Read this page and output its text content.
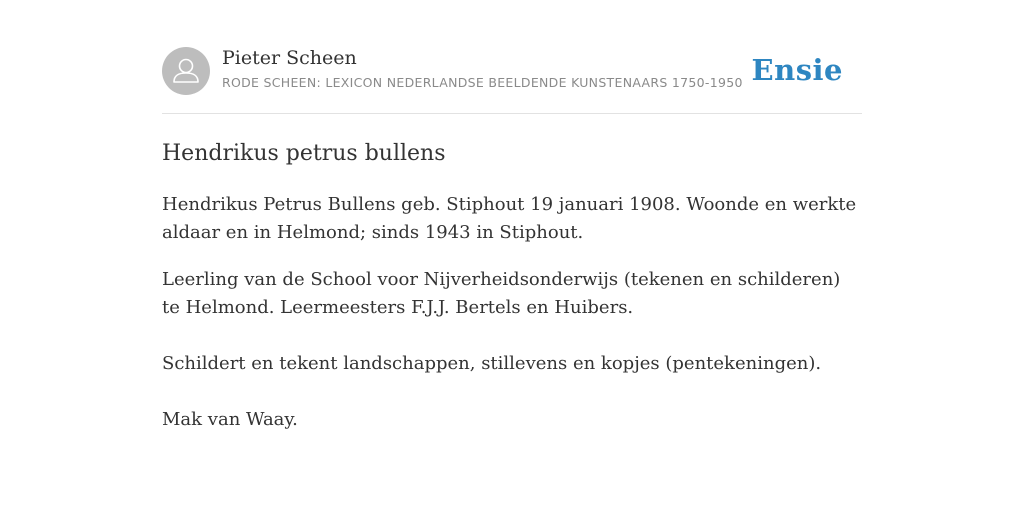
Pieter Scheen
RODE SCHEEN: LEXICON NEDERLANDSE BEELDENDE KUNSTENAARS 1750-1950 Ensie
Hendrikus petrus bullens

Hendrikus Petrus Bullens geb. Stiphout 19 januari 1908. Woonde en werkte aldaar en in Helmond; sinds 1943 in Stiphout.

Leerling van de School voor Nijverheidsonderwijs (tekenen en schilderen) te Helmond. Leermeesters F.J.J. Bertels en Huibers.

Schildert en tekent landschappen, stillevens en kopjes (pentekeningen).

Mak van Waay.
